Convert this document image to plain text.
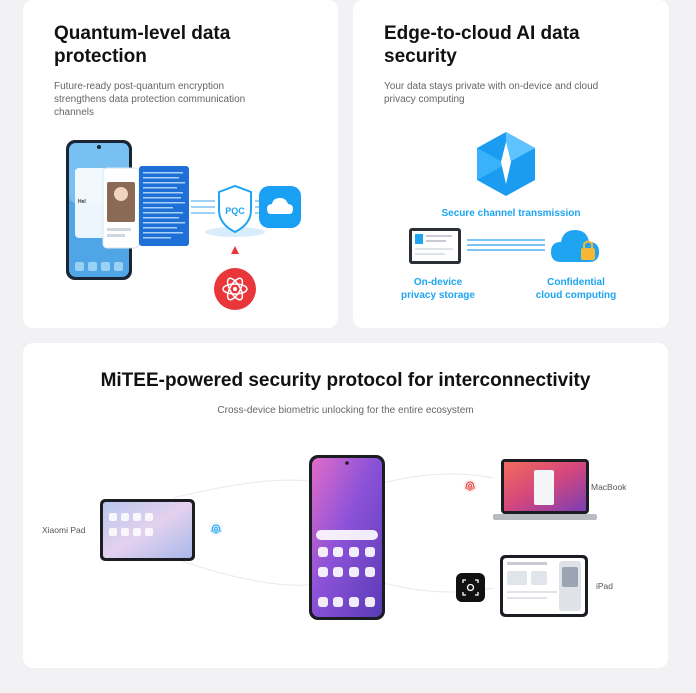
Quantum-level data
protection
Future-ready post-quantum encryption
strengthens data protection communication
channels
Hel
PQC
Edge-to-cloud AI data
security
Your data stays private with on-device and cloud
privacy computing
Secure channel transmission
On-device
privacy storage
Confidential
cloud computing
MiTEE-powered security protocol for interconnectivity
Cross-device biometric unlocking for the entire ecosystem
Xiaomi Pad
MacBook
iPad
